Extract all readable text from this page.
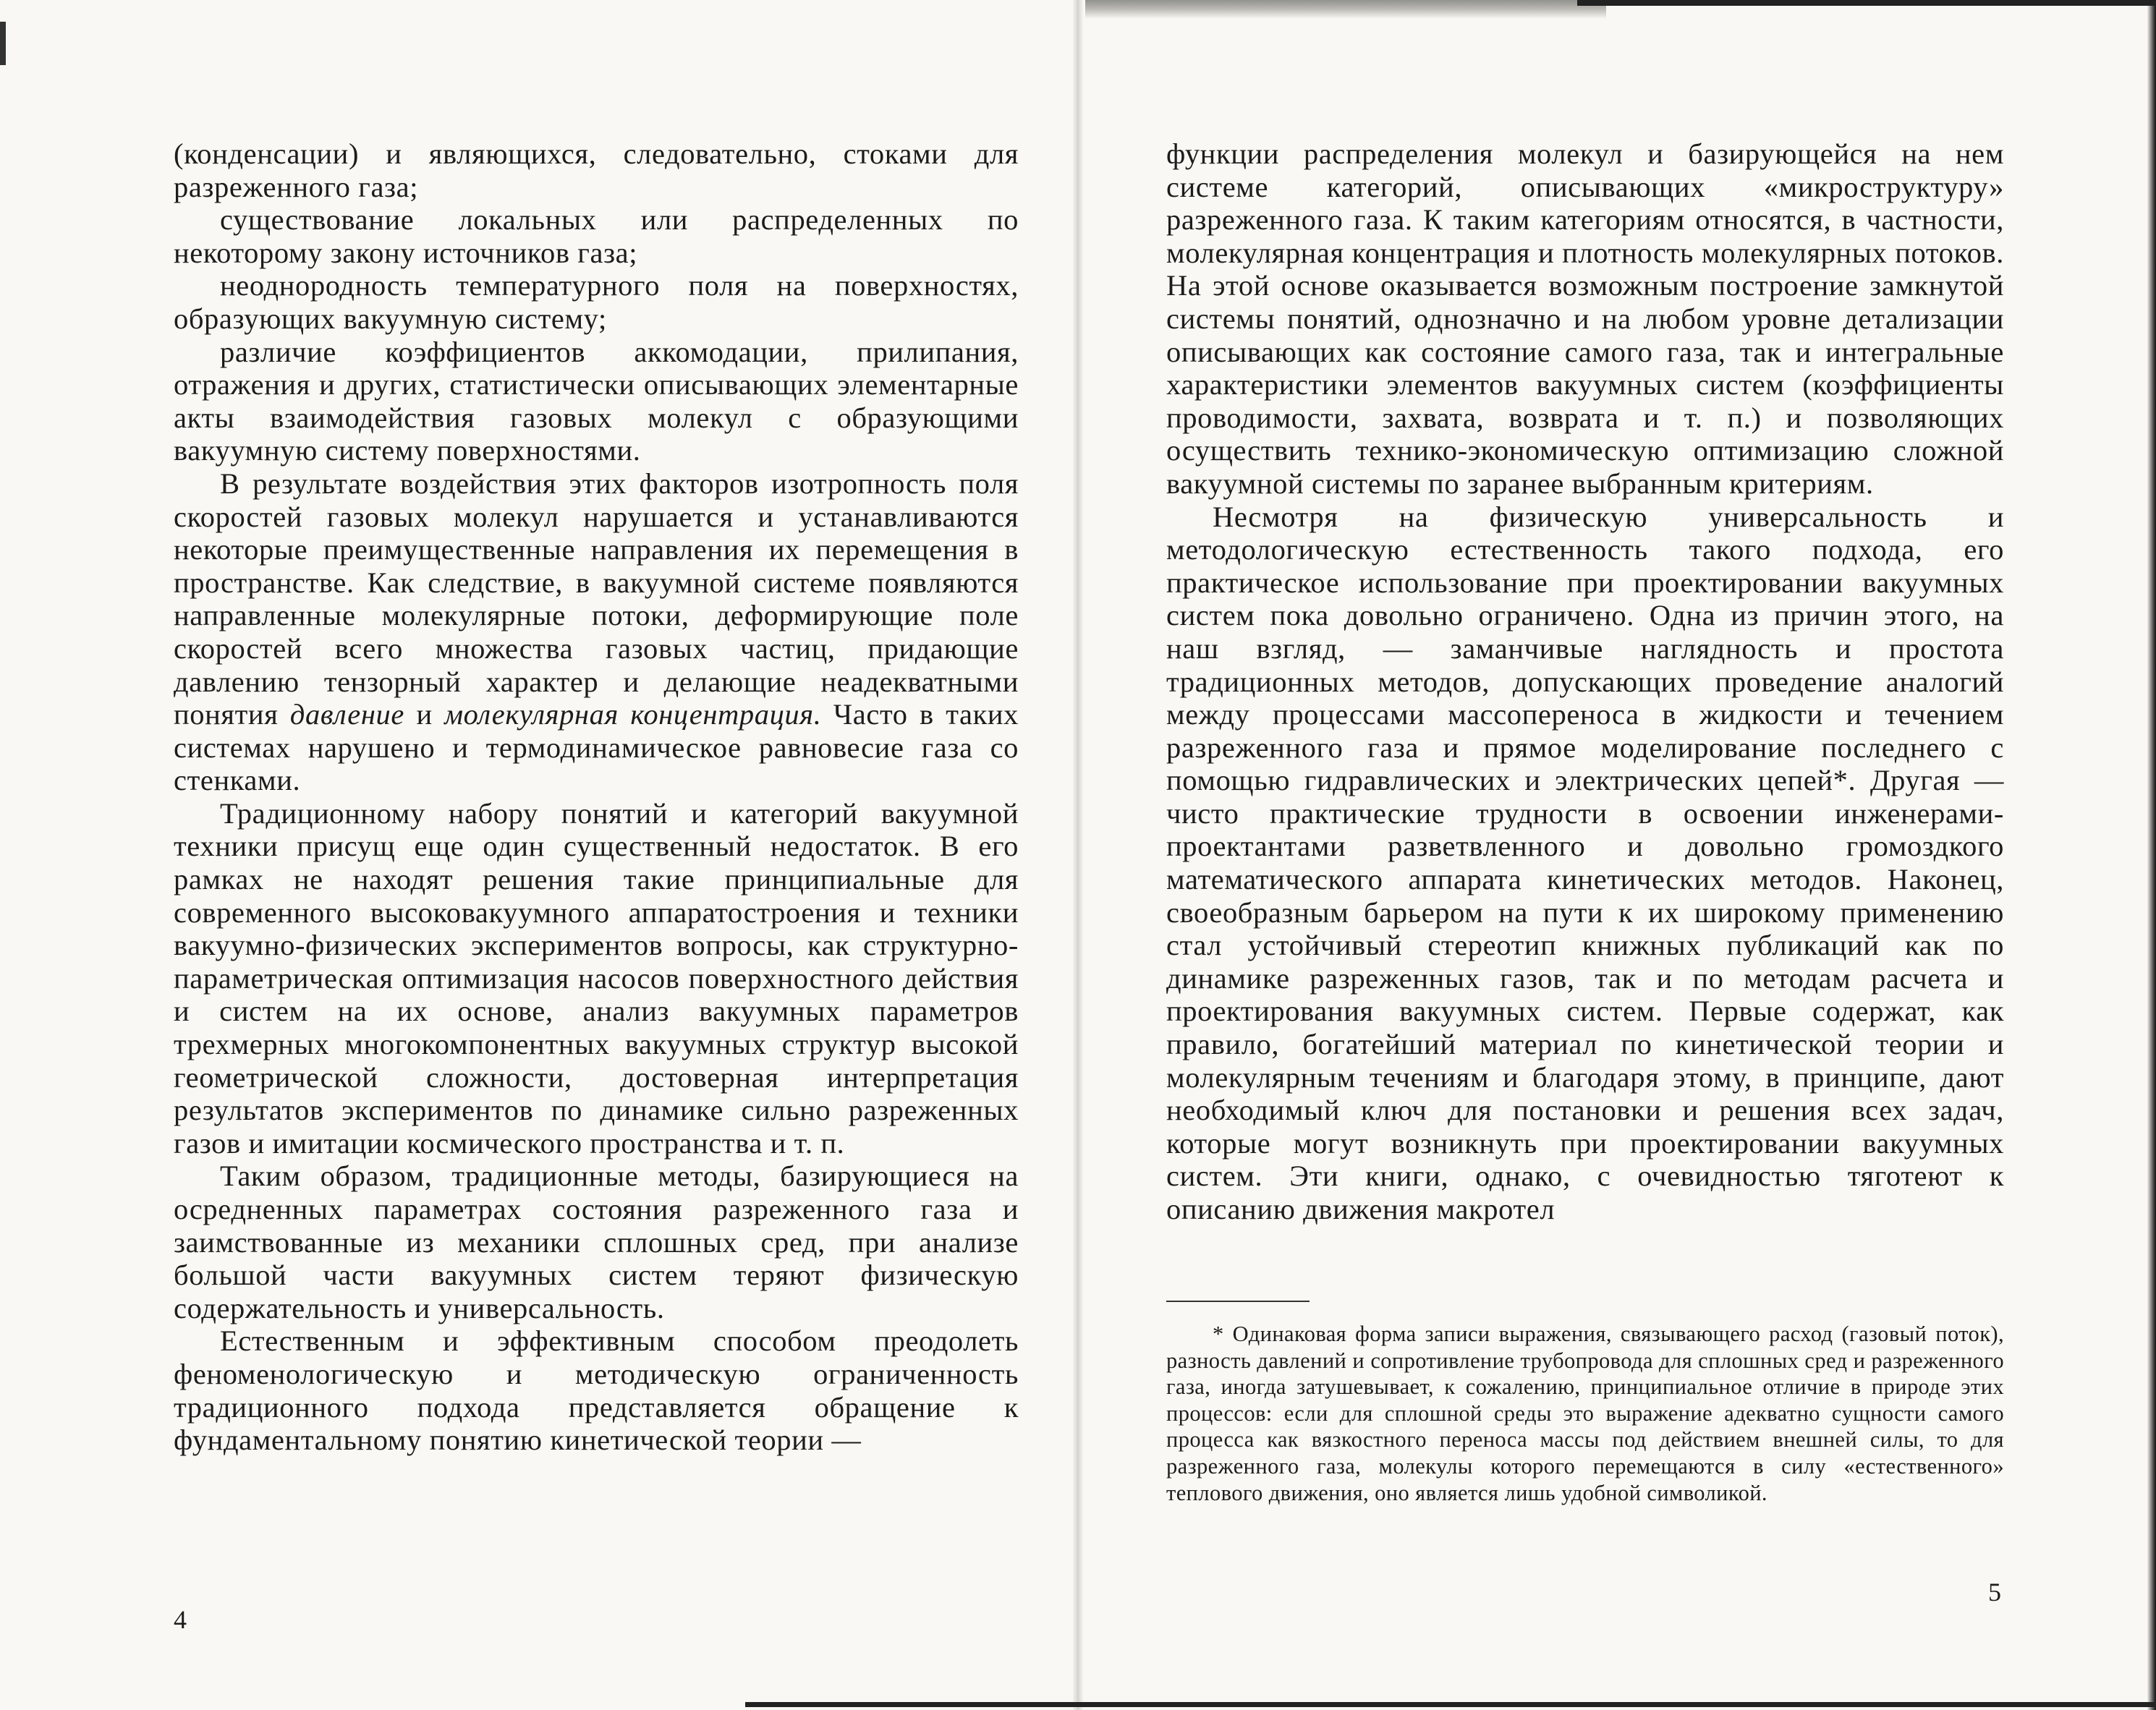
(конденсации) и являющихся, следовательно, стоками для разреженного газа;

существование локальных или распределенных по некоторому закону источников газа;

неоднородность температурного поля на поверхностях, образующих вакуумную систему;

различие коэффициентов аккомодации, прилипания, отражения и других, статистически описывающих элементарные акты взаимодействия газовых молекул с образующими вакуумную систему поверхностями.

В результате воздействия этих факторов изотропность поля скоростей газовых молекул нарушается и устанавливаются некоторые преимущественные направления их перемещения в пространстве. Как следствие, в вакуумной системе появляются направленные молекулярные потоки, деформирующие поле скоростей всего множества газовых частиц, придающие давлению тензорный характер и делающие неадекватными понятия давление и молекулярная концентрация. Часто в таких системах нарушено и термодинамическое равновесие газа со стенками.

Традиционному набору понятий и категорий вакуумной техники присущ еще один существенный недостаток. В его рамках не находят решения такие принципиальные для современного высоковакуумного аппаратостроения и техники вакуумно-физических экспериментов вопросы, как структурно-параметрическая оптимизация насосов поверхностного действия и систем на их основе, анализ вакуумных параметров трехмерных многокомпонентных вакуумных структур высокой геометрической сложности, достоверная интерпретация результатов экспериментов по динамике сильно разреженных газов и имитации космического пространства и т. п.

Таким образом, традиционные методы, базирующиеся на осредненных параметрах состояния разреженного газа и заимствованные из механики сплошных сред, при анализе большой части вакуумных систем теряют физическую содержательность и универсальность.

Естественным и эффективным способом преодолеть феноменологическую и методическую ограниченность традиционного подхода представляется обращение к фундаментальному понятию кинетической теории —

4

функции распределения молекул и базирующейся на нем системе категорий, описывающих «микроструктуру» разреженного газа. К таким категориям относятся, в частности, молекулярная концентрация и плотность молекулярных потоков. На этой основе оказывается возможным построение замкнутой системы понятий, однозначно и на любом уровне детализации описывающих как состояние самого газа, так и интегральные характеристики элементов вакуумных систем (коэффициенты проводимости, захвата, возврата и т. п.) и позволяющих осуществить технико-экономическую оптимизацию сложной вакуумной системы по заранее выбранным критериям.

Несмотря на физическую универсальность и методологическую естественность такого подхода, его практическое использование при проектировании вакуумных систем пока довольно ограничено. Одна из причин этого, на наш взгляд, — заманчивые наглядность и простота традиционных методов, допускающих проведение аналогий между процессами массопереноса в жидкости и течением разреженного газа и прямое моделирование последнего с помощью гидравлических и электрических цепей*. Другая — чисто практические трудности в освоении инженерами-проектантами разветвленного и довольно громоздкого математического аппарата кинетических методов. Наконец, своеобразным барьером на пути к их широкому применению стал устойчивый стереотип книжных публикаций как по динамике разреженных газов, так и по методам расчета и проектирования вакуумных систем. Первые содержат, как правило, богатейший материал по кинетической теории и молекулярным течениям и благодаря этому, в принципе, дают необходимый ключ для постановки и решения всех задач, которые могут возникнуть при проектировании вакуумных систем. Эти книги, однако, с очевидностью тяготеют к описанию движения макротел

* Одинаковая форма записи выражения, связывающего расход (газовый поток), разность давлений и сопротивление трубопровода для сплошных сред и разреженного газа, иногда затушевывает, к сожалению, принципиальное отличие в природе этих процессов: если для сплошной среды это выражение адекватно сущности самого процесса как вязкостного переноса массы под действием внешней силы, то для разреженного газа, молекулы которого перемещаются в силу «естественного» теплового движения, оно является лишь удобной символикой.

5
